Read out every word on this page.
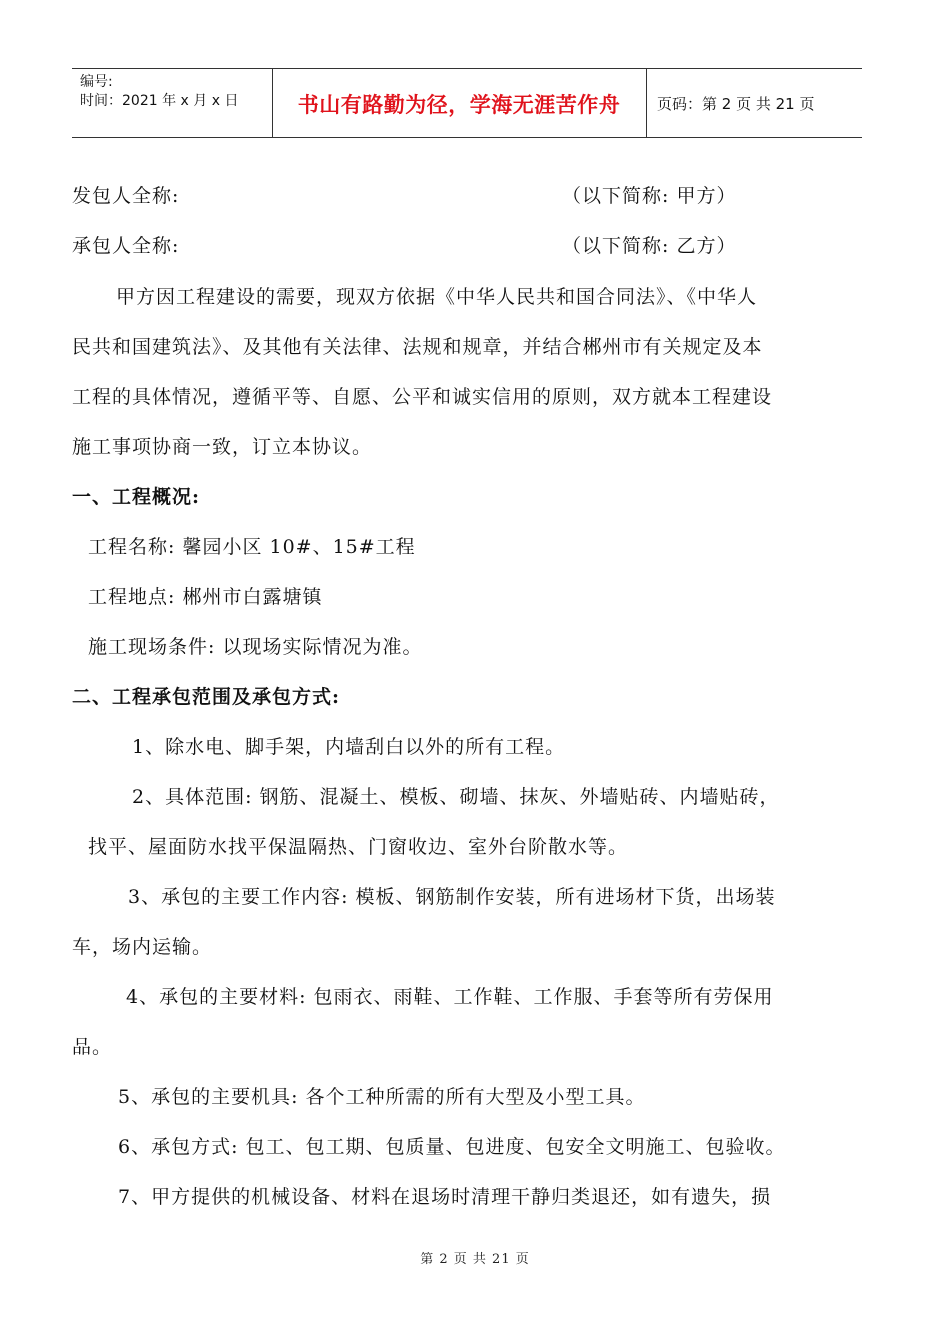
编号:
时间：2021 年 x 月 x 日	书山有路勤为径，学海无涯苦作舟	页码：第 2 页 共 21 页
发包人全称:	（以下简称: 甲方）
承包人全称:	（以下简称: 乙方）
甲方因工程建设的需要，现双方依据《中华人民共和国合同法》、《中华人
民共和国建筑法》、及其他有关法律、法规和规章，并结合郴州市有关规定及本
工程的具体情况，遵循平等、自愿、公平和诚实信用的原则，双方就本工程建设
施工事项协商一致，订立本协议。
一、工程概况:
工程名称: 馨园小区 10#、15#工程
工程地点: 郴州市白露塘镇
施工现场条件: 以现场实际情况为准。
二、工程承包范围及承包方式:
1、除水电、脚手架，内墙刮白以外的所有工程。
2、具体范围: 钢筋、混凝土、模板、砌墙、抹灰、外墙贴砖、内墙贴砖，
找平、屋面防水找平保温隔热、门窗收边、室外台阶散水等。
3、承包的主要工作内容: 模板、钢筋制作安装，所有进场材下货，出场装
车，场内运输。
4、承包的主要材料: 包雨衣、雨鞋、工作鞋、工作服、手套等所有劳保用
品。
5、承包的主要机具: 各个工种所需的所有大型及小型工具。
6、承包方式: 包工、包工期、包质量、包进度、包安全文明施工、包验收。
7、甲方提供的机械设备、材料在退场时清理干静归类退还，如有遗失，损
第 2 页 共 21 页
